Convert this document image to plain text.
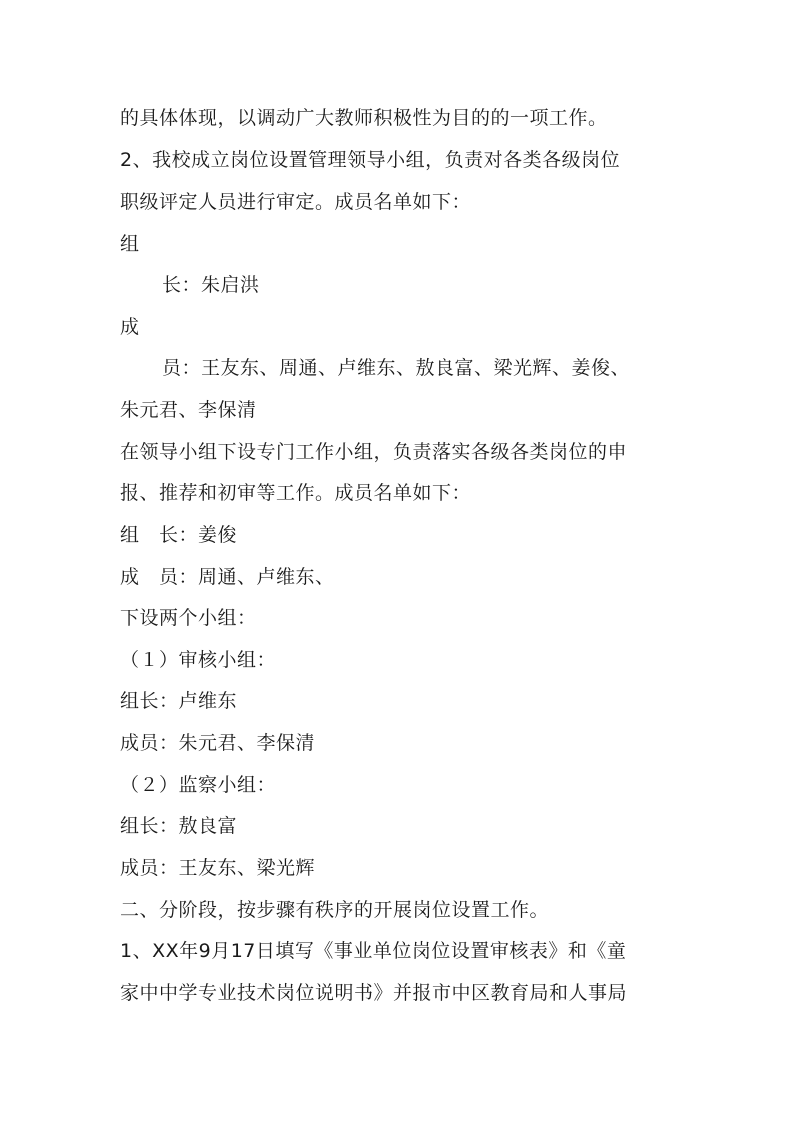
的具体体现，以调动广大教师积极性为目的的一项工作。
2、我校成立岗位设置管理领导小组，负责对各类各级岗位
职级评定人员进行审定。成员名单如下：
组
长：朱启洪
成
员：王友东、周通、卢维东、敖良富、梁光辉、姜俊、
朱元君、李保清
在领导小组下设专门工作小组，负责落实各级各类岗位的申
报、推荐和初审等工作。成员名单如下：
组　长：姜俊
成　员：周通、卢维东、
下设两个小组：
（１）审核小组：
组长：卢维东
成员：朱元君、李保清
（２）监察小组：
组长：敖良富
成员：王友东、梁光辉
二、分阶段，按步骤有秩序的开展岗位设置工作。
1、XX年9月17日填写《事业单位岗位设置审核表》和《童
家中中学专业技术岗位说明书》并报市中区教育局和人事局
